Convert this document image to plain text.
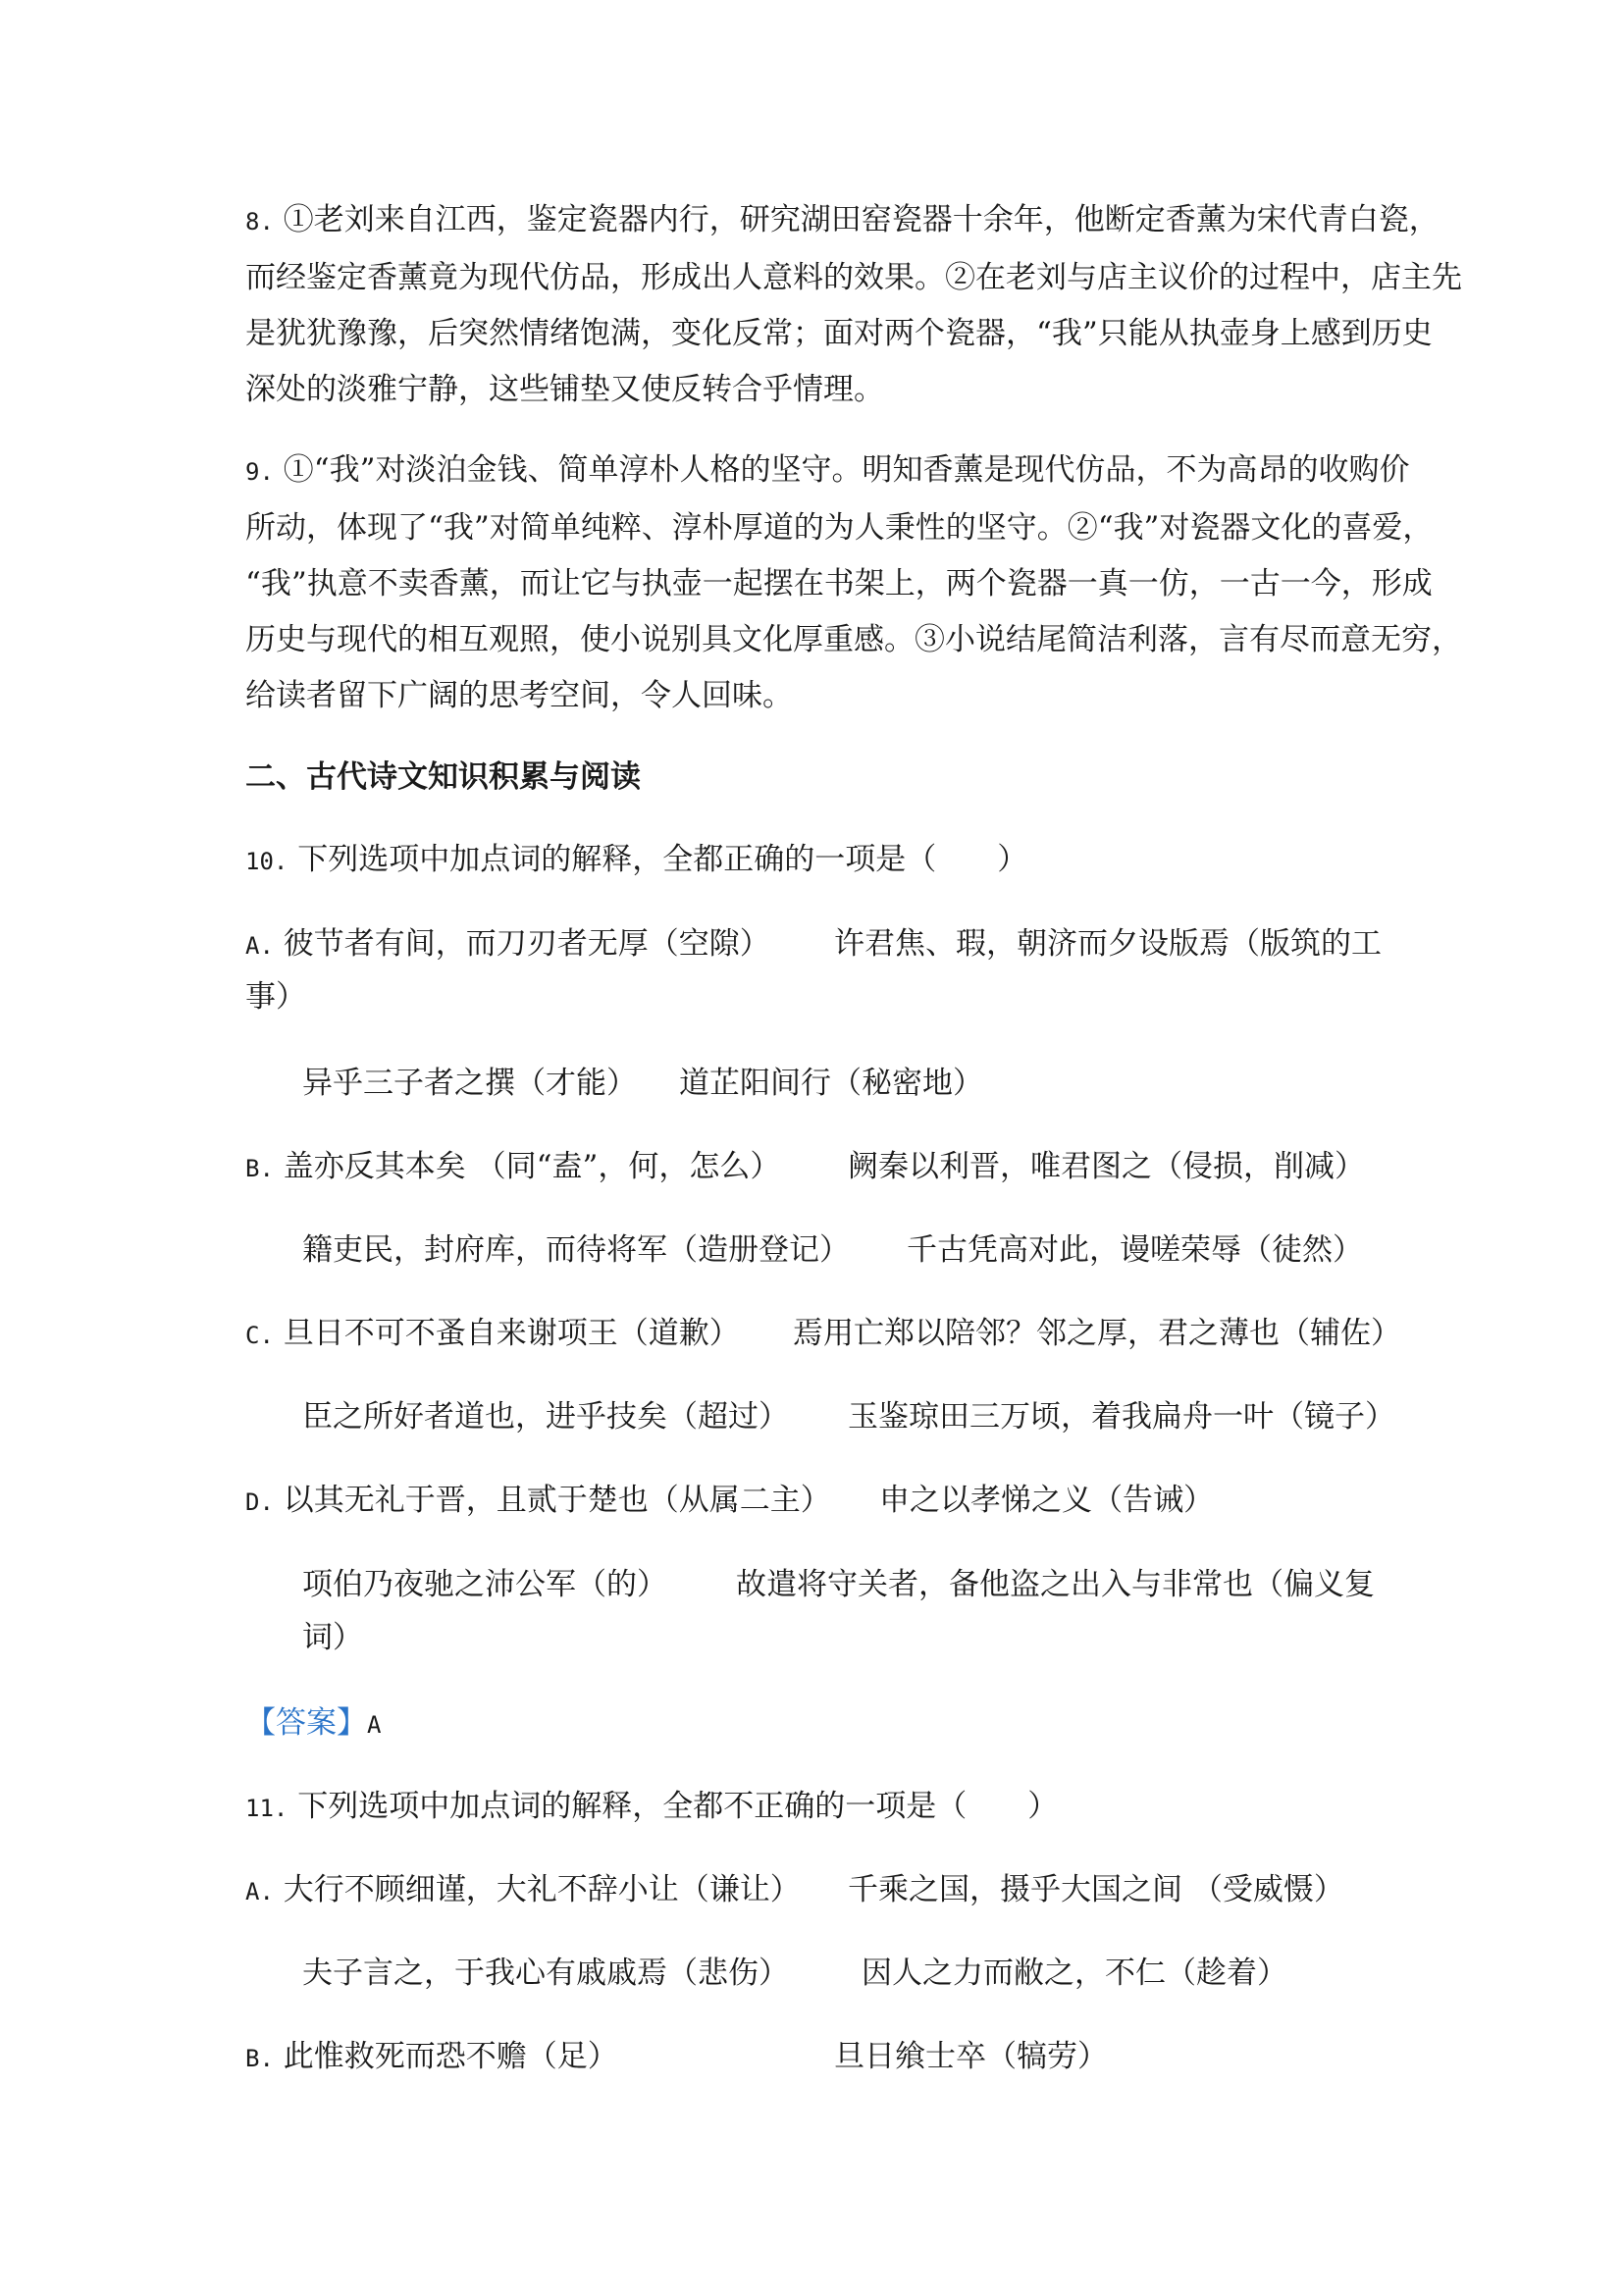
8. ①老刘来自江西，鉴定瓷器内行，研究湖田窑瓷器十余年，他断定香薰为宋代青白瓷，
而经鉴定香薰竟为现代仿品，形成出人意料的效果。②在老刘与店主议价的过程中，店主先
是犹犹豫豫，后突然情绪饱满，变化反常；面对两个瓷器，“我”只能从执壶身上感到历史
深处的淡雅宁静，这些铺垫又使反转合乎情理。
9. ①“我”对淡泊金钱、简单淳朴人格的坚守。明知香薰是现代仿品，不为高昂的收购价
所动，体现了“我”对简单纯粹、淳朴厚道的为人秉性的坚守。②“我”对瓷器文化的喜爱，
“我”执意不卖香薰，而让它与执壶一起摆在书架上，两个瓷器一真一仿，一古一今，形成
历史与现代的相互观照，使小说别具文化厚重感。③小说结尾简洁利落，言有尽而意无穷，
给读者留下广阔的思考空间，令人回味。
二、古代诗文知识积累与阅读
10. 下列选项中加点词的解释，全都正确的一项是（　　）
A. 彼节者有间，而刀刃者无厚（空隙） 许君焦、瑕，朝济而夕设版焉（版筑的工
事）
异乎三子者之撰（才能） 道芷阳间行（秘密地）
B. 盖亦反其本矣 （同“盍”，何，怎么） 阙秦以利晋，唯君图之（侵损，削减）
籍吏民，封府库，而待将军（造册登记） 千古凭高对此，谩嗟荣辱（徒然）
C. 旦日不可不蚤自来谢项王（道歉） 焉用亡郑以陪邻？邻之厚，君之薄也（辅佐）
臣之所好者道也，进乎技矣（超过） 玉鉴琼田三万顷，着我扁舟一叶（镜子）
D. 以其无礼于晋，且贰于楚也（从属二主） 申之以孝悌之义（告诫）
项伯乃夜驰之沛公军（的） 故遣将守关者，备他盗之出入与非常也（偏义复
词）
【答案】A
11. 下列选项中加点词的解释，全都不正确的一项是（　　）
A. 大行不顾细谨，大礼不辞小让（谦让） 千乘之国，摄乎大国之间 （受威慑）
夫子言之，于我心有戚戚焉（悲伤） 因人之力而敝之，不仁（趁着）
B. 此惟救死而恐不赡（足）	旦日飨士卒（犒劳）
